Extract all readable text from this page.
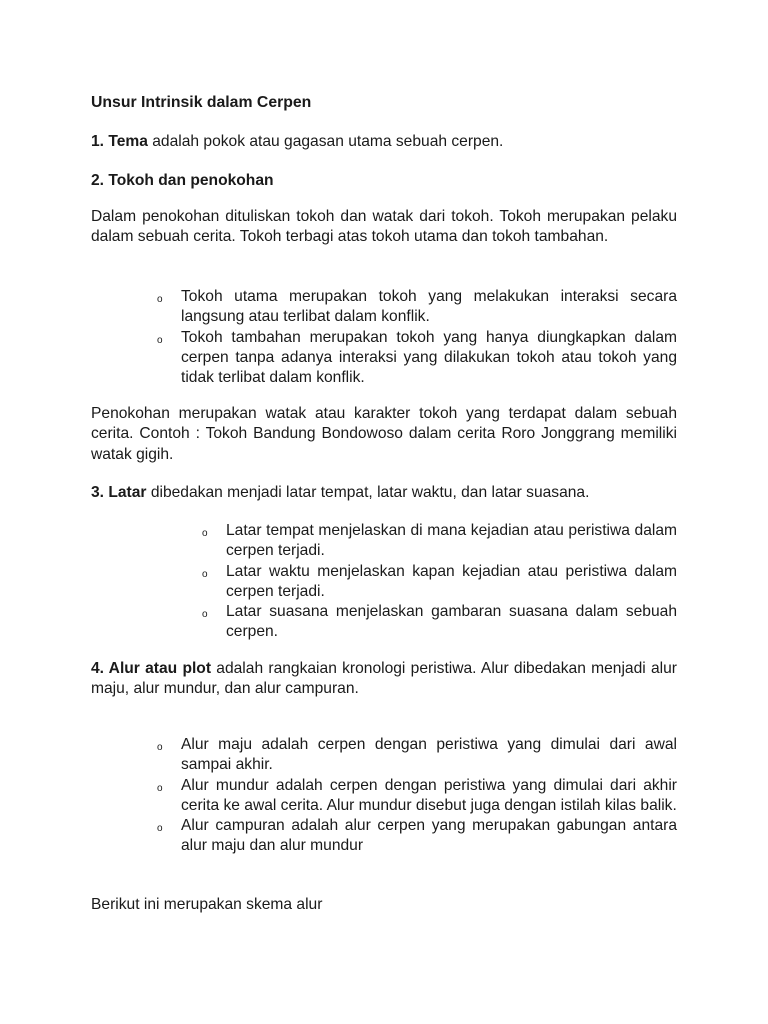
Unsur Intrinsik dalam Cerpen

1. Tema adalah pokok atau gagasan utama sebuah cerpen.

2. Tokoh dan penokohan

Dalam penokohan dituliskan tokoh dan watak dari tokoh. Tokoh merupakan pelaku dalam sebuah cerita. Tokoh terbagi atas tokoh utama dan tokoh tambahan.

o Tokoh utama merupakan tokoh yang melakukan interaksi secara langsung atau terlibat dalam konflik.
o Tokoh tambahan merupakan tokoh yang hanya diungkapkan dalam cerpen tanpa adanya interaksi yang dilakukan tokoh atau tokoh yang tidak terlibat dalam konflik.

Penokohan merupakan watak atau karakter tokoh yang terdapat dalam sebuah cerita. Contoh : Tokoh Bandung Bondowoso dalam cerita Roro Jonggrang memiliki watak gigih.

3. Latar dibedakan menjadi latar tempat, latar waktu, dan latar suasana.

o Latar tempat menjelaskan di mana kejadian atau peristiwa dalam cerpen terjadi.
o Latar waktu menjelaskan kapan kejadian atau peristiwa dalam cerpen terjadi.
o Latar suasana menjelaskan gambaran suasana dalam sebuah cerpen.

4. Alur atau plot adalah rangkaian kronologi peristiwa. Alur dibedakan menjadi alur maju, alur mundur, dan alur campuran.

o Alur maju adalah cerpen dengan peristiwa yang dimulai dari awal sampai akhir.
o Alur mundur adalah cerpen dengan peristiwa yang dimulai dari akhir cerita ke awal cerita. Alur mundur disebut juga dengan istilah kilas balik.
o Alur campuran adalah alur cerpen yang merupakan gabungan antara alur maju dan alur mundur

Berikut ini merupakan skema alur
